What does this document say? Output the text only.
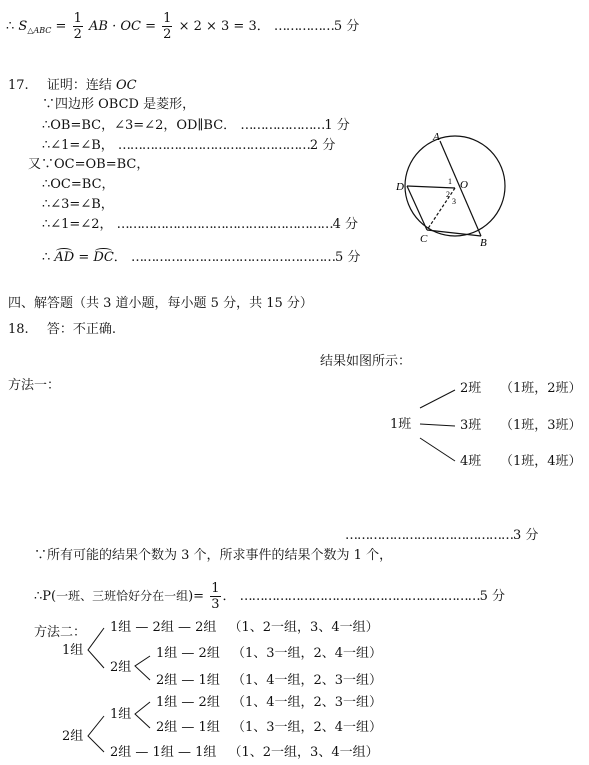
∴ $S_{\triangle ABC} = \frac{1}{2}$ AB · OC = $\frac{1}{2} \times 2 \times 3 = 3$． ……………5 分
17. 证明：连结 OC
∵四边形 OBCD 是菱形，
∴OB=BC，∠3=∠2，OD∥BC． …………………1 分
∴∠1=∠B， …………………………………………2 分
又∵OC=OB=BC，
∴OC=BC，
∴∠3=∠B，
∴∠1=∠2， ………………………………………………4 分
∴ AD = DC． ……………………………………………5 分
A
D	O
C	B
1
2
3
四、解答题（共 3 道小题，每小题 5 分，共 15 分）
18. 答：不正确.
结果如图所示：
方法一：
1班
2班 （1班，2班）
3班 （1班，3班）
4班 （1班，4班）
……………………………………3 分
∵所有可能的结果个数为 3 个，所求事件的结果个数为 1 个，
∴P(一班、三班恰好分在一组)= $\frac{1}{3}$ ． ……………………………………………………5 分
方法二：
1组
2组
1组 — 2组 — 2组 （1、2一组，3、4一组）
2组
1组 — 2组 （1、3一组，2、4一组）
2组 — 1组 （1、4一组，2、3一组）
1组
1组 — 2组 （1、4一组，2、3一组）
2组 — 1组 （1、3一组，2、4一组）
2组 — 1组 — 1组 （1、2一组，3、4一组）
